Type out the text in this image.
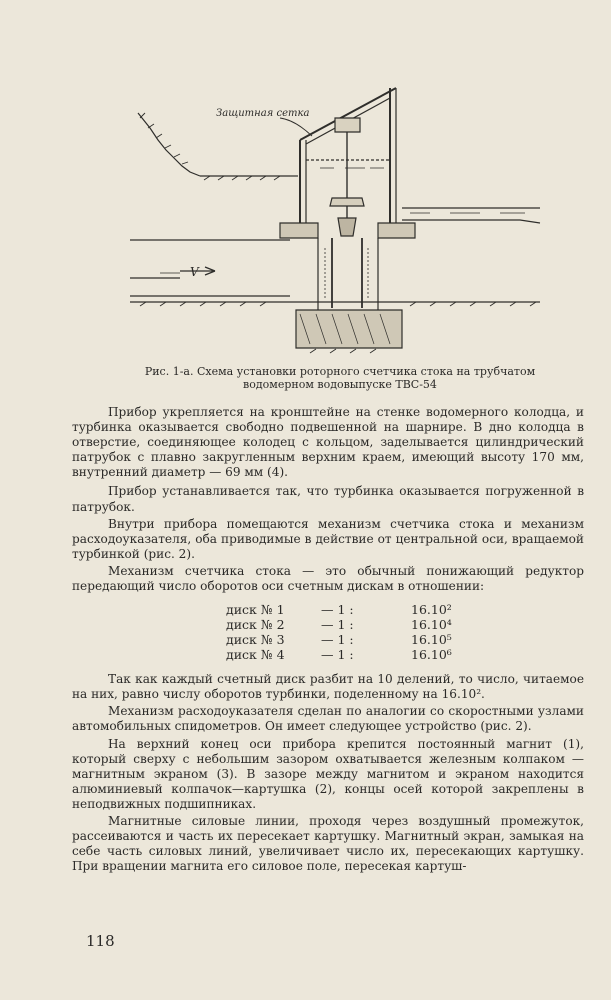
Защитная сетка
V
Рис. 1-а. Схема установки роторного счетчика стока на трубчатом
водомерном водовыпуске ТВС-54

Прибор укрепляется на кронштейне на стенке водомерного колодца, и турбинка оказывается свободно подвешенной на шарнире. В дно колодца в отверстие, соединяющее колодец с кольцом, заделывается цилиндрический патрубок с плавно закругленным верхним краем, имеющий высоту 170 мм, внутренний диаметр — 69 мм (4).

Прибор устанавливается так, что турбинка оказывается погруженной в патрубок.

Внутри прибора помещаются механизм счетчика стока и механизм расходоуказателя, оба приводимые в действие от центральной оси, вращаемой турбинкой (рис. 2).

Механизм счетчика стока — это обычный понижающий редуктор передающий число оборотов оси счетным дискам в отношении:

диск № 1	— 1 :	16.10²
диск № 2	— 1 :	16.10⁴
диск № 3	— 1 :	16.10⁵
диск № 4	— 1 :	16.10⁶

Так как каждый счетный диск разбит на 10 делений, то число, читаемое на них, равно числу оборотов турбинки, поделенному на 16.10².

Механизм расходоуказателя сделан по аналогии со скоростными узлами автомобильных спидометров. Он имеет следующее устройство (рис. 2).

На верхний конец оси прибора крепится постоянный магнит (1), который сверху с небольшим зазором охватывается железным колпаком — магнитным экраном (3). В зазоре между магнитом и экраном находится алюминиевый колпачок—картушка (2), концы осей которой закреплены в неподвижных подшипниках.

Магнитные силовые линии, проходя через воздушный промежуток, рассеиваются и часть их пересекает картушку. Магнитный экран, замыкая на себе часть силовых линий, увеличивает число их, пересекающих картушку. При вращении магнита его силовое поле, пересекая картуш-

118
